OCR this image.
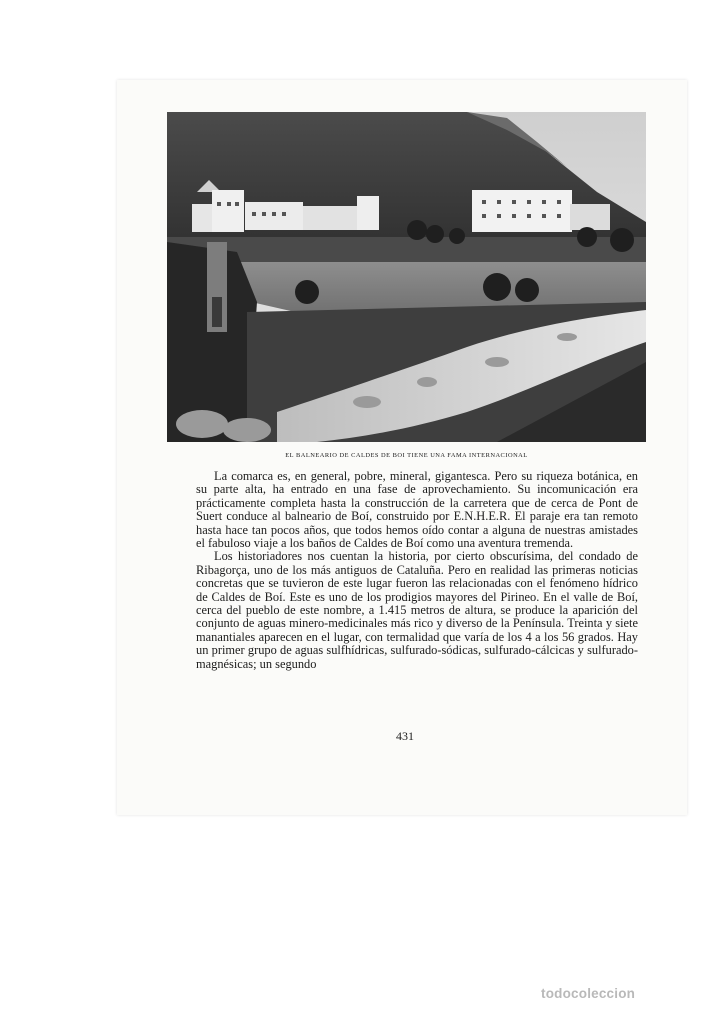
EL BALNEARIO DE CALDES DE BOI TIENE UNA FAMA INTERNACIONAL

La comarca es, en general, pobre, mineral, gigantesca. Pero su riqueza botánica, en su parte alta, ha entrado en una fase de aprovechamiento. Su incomunicación era prácticamente completa hasta la construcción de la carretera que de cerca de Pont de Suert conduce al balneario de Boí, construido por E.N.H.E.R. El paraje era tan remoto hasta hace tan pocos años, que todos hemos oído contar a alguna de nuestras amistades el fabuloso viaje a los baños de Caldes de Boí como una aventura tremenda.

Los historiadores nos cuentan la historia, por cierto obscurísima, del condado de Ribagorça, uno de los más antiguos de Cataluña. Pero en realidad las primeras noticias concretas que se tuvieron de este lugar fueron las relacionadas con el fenómeno hídrico de Caldes de Boí. Este es uno de los prodigios mayores del Pirineo. En el valle de Boí, cerca del pueblo de este nombre, a 1.415 metros de altura, se produce la aparición del conjunto de aguas minero-medicinales más rico y diverso de la Península. Treinta y siete manantiales aparecen en el lugar, con termalidad que varía de los 4 a los 56 grados. Hay un primer grupo de aguas sulfhídricas, sulfurado-sódicas, sulfurado-cálcicas y sulfurado-magnésicas; un segundo

431
todocoleccion
